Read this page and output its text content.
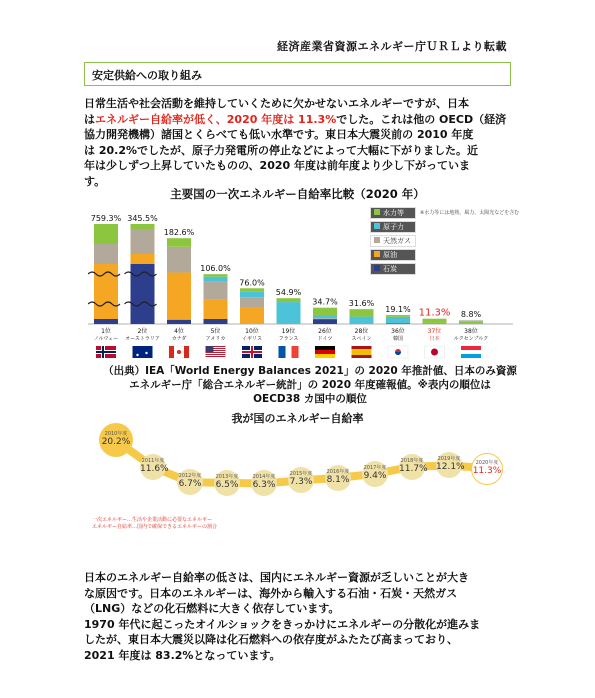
経済産業省資源エネルギー庁ＵＲＬより転載
安定供給への取り組み
日常生活や社会活動を維持していくために欠かせないエネルギーですが、日本
はエネルギー自給率が低く、2020 年度は 11.3%でした。これは他の OECD（経済
協力開発機構）諸国とくらべても低い水準です。東日本大震災前の 2010 年度
は 20.2%でしたが、原子力発電所の停止などによって大幅に下がりました。近
年は少しずつ上昇していたものの、2020 年度は前年度より少し下がっていま
す。
主要国の一次エネルギー自給率比較（2020 年）
※水力等には地熱、風力、太陽光などを含む
水力等
原子力
天然ガス
原油
石炭
759.3%
1位
ノルウェー
345.5%
2位
オーストラリア
182.6%
4位
カナダ
106.0%
5位
アメリカ
76.0%
10位
イギリス
54.9%
19位
フランス
34.7%
26位
ドイツ
31.6%
28位
スペイン
19.1%
36位
韓国
11.3%
37位
日本
8.8%
38位
ルクセンブルク
（出典）IEA「World Energy Balances 2021」の 2020 年推計値、日本のみ資源
エネルギー庁「総合エネルギー統計」の 2020 年度確報値。※表内の順位は
OECD38 カ国中の順位
我が国のエネルギー自給率
2010年度
20.2%
2011年度
11.6%
2012年度
6.7%
2013年度
6.5%
2014年度
6.3%
2015年度
7.3%
2016年度
8.1%
2017年度
9.4%
2018年度
11.7%
2019年度
12.1%	2020年度
11.3%
一次エネルギー…生活や企業活動に必要なエネルギー
エネルギー自給率…国内で確保できるエネルギーの割合
日本のエネルギー自給率の低さは、国内にエネルギー資源が乏しいことが大き
な原因です。日本のエネルギーは、海外から輸入する石油・石炭・天然ガス
（LNG）などの化石燃料に大きく依存しています。
1970 年代に起こったオイルショックをきっかけにエネルギーの分散化が進みま
したが、東日本大震災以降は化石燃料への依存度がふたたび高まっており、
2021 年度は 83.2%となっています。
